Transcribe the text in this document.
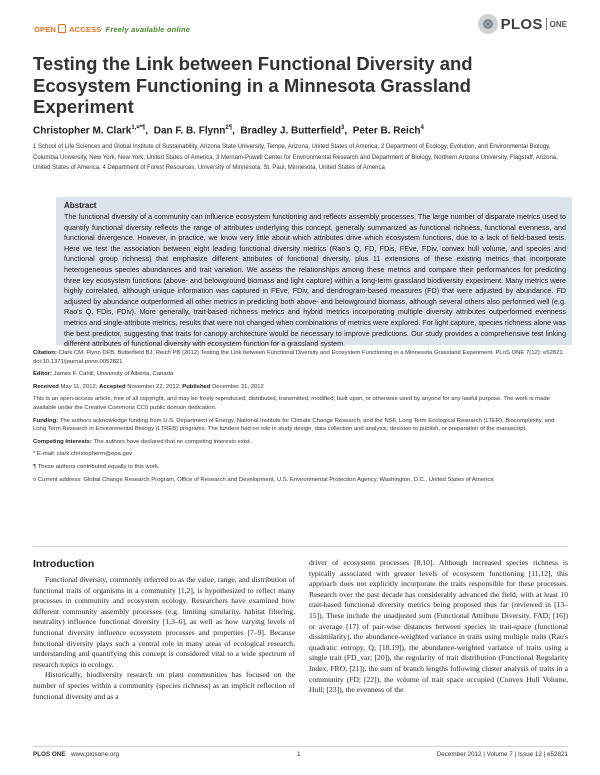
OPEN ACCESS Freely available online	PLOS ONE
Testing the Link between Functional Diversity and Ecosystem Functioning in a Minnesota Grassland Experiment
Christopher M. Clark$^{1,¤*\P}$,  Dan F. B. Flynn$^{2\P}$,  Bradley J. Butterfield$^3$,  Peter B. Reich$^4$
1 School of Life Sciences and Global Institute of Sustainability, Arizona State University, Tempe, Arizona, United States of America, 2 Department of Ecology, Evolution, and Environmental Biology, Columbia University, New York, New York, United States of America, 3 Merriam-Powell Center for Environmental Research and Department of Biology, Northern Arizona University, Flagstaff, Arizona, United States of America, 4 Department of Forest Resources, University of Minnesota, St. Paul, Minnesota, United States of America
Abstract
The functional diversity of a community can influence ecosystem functioning and reflects assembly processes. The large number of disparate metrics used to quantify functional diversity reflects the range of attributes underlying this concept, generally summarized as functional richness, functional evenness, and functional divergence. However, in practice, we know very little about which attributes drive which ecosystem functions, due to a lack of field-based tests. Here we test the association between eight leading functional diversity metrics (Rao's Q, FD, FDis, FEve, FDiv, convex hull volume, and species and functional group richness) that emphasize different attributes of functional diversity, plus 11 extensions of these existing metrics that incorporate heterogeneous species abundances and trait variation. We assess the relationships among these metrics and compare their performances for predicting three key ecosystem functions (above- and belowground biomass and light capture) within a long-term grassland biodiversity experiment. Many metrics were highly correlated, although unique information was captured in FEve, FDiv, and dendrogram-based measures (FD) that were adjusted by abundance. FD adjusted by abundance outperformed all other metrics in predicting both above- and belowground biomass, although several others also performed well (e.g. Rao's Q, FDis, FDiv). More generally, trait-based richness metrics and hybrid metrics incorporating multiple diversity attributes outperformed evenness metrics and single-attribute metrics, results that were not changed when combinations of metrics were explored. For light capture, species richness alone was the best predictor, suggesting that traits for canopy architecture would be necessary to improve predictions. Our study provides a comprehensive test linking different attributes of functional diversity with ecosystem function for a grassland system.

Citation: Clark CM, Flynn DFB, Butterfield BJ, Reich PB (2012) Testing the Link between Functional Diversity and Ecosystem Functioning in a Minnesota Grassland Experiment. PLoS ONE 7(12): e52821. doi:10.1371/journal.pone.0052821

Editor: James F. Cahill, University of Alberta, Canada

Received May 11, 2012; Accepted November 22, 2012; Published December 31, 2012

This is an open-access article, free of all copyright, and may be freely reproduced, distributed, transmitted, modified, built upon, or otherwise used by anyone for any lawful purpose. The work is made available under the Creative Commons CC0 public domain dedication.

Funding: The authors acknowledge funding from U.S. Department of Energy, National Institute for Climate Change Research, and the NSF, Long Term Ecological Research (LTER), Biocomplexity, and Long Term Research in Environmental Biology (LTREB) programs. The funders had no role in study design, data collection and analysis, decision to publish, or preparation of the manuscript.

Competing Interests: The authors have declared that no competing interests exist.

* E-mail: clark.christopherm@epa.gov

¶ These authors contributed equally to this work.

¤ Current address: Global Change Research Program, Office of Research and Development, U.S. Environmental Protection Agency, Washington, D.C., United States of America

Introduction

Functional diversity, commonly referred to as the value, range, and distribution of functional traits of organisms in a community [1,2], is hypothesized to reflect many processes in community and ecosystem ecology. Researchers have examined how different community assembly processes (e.g. limiting similarity, habitat filtering, neutrality) influence functional diversity [1,3–6], as well as how varying levels of functional diversity influence ecosystem processes and properties [7–9]. Because functional diversity plays such a central role in many areas of ecological research, understanding and quantifying this concept is considered vital to a wide spectrum of research topics in ecology.

Historically, biodiversity research on plant communities has focused on the number of species within a community (species richness) as an implicit reflection of functional diversity and as a

driver of ecosystem processes [8,10]. Although increased species richness is typically associated with greater levels of ecosystem functioning [11,12], this approach does not explicitly incorporate the traits responsible for these processes. Research over the past decade has considerably advanced the field, with at least 10 trait-based functional diversity metrics being proposed thus far (reviewed in [13–15]). These include the unadjusted sum (Functional Attribute Diversity, FAD; [16]) or average [17] of pair-wise distances between species in trait-space (functional dissimilarity), the abundance-weighted variance in traits using multiple traits (Rao's quadratic entropy, Q; [18,19]), the abundance-weighted variance of traits using a single trait (FD_var; [20]), the regularity of trait distribution (Functional Regularity Index, FRO; [21]), the sum of branch lengths following cluster analysis of traits in a community (FD; [22]), the volume of trait space occupied (Convex Hull Volume, Hull; [23]), the evenness of the

PLOS ONE www.plosone.org	1	December 2012 | Volume 7 | Issue 12 | e52821
